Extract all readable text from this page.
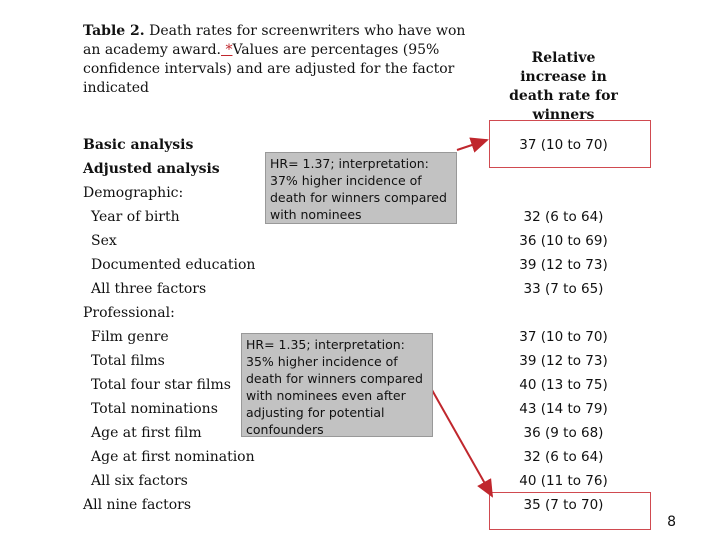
Table 2. Death rates for screenwriters who have won an academy award. *Values are percentages (95% confidence intervals) and are adjusted for the factor indicated
Relative increase in death rate for winners
Basic analysis
Adjusted analysis
Demographic:
Year of birth
Sex
Documented education
All three factors
Professional:
Film genre
Total films
Total four star films
Total nominations
Age at first film
Age at first nomination
All six factors
All nine factors
37 (10 to 70)
32 (6 to 64)
36 (10 to 69)
39 (12 to 73)
33 (7 to 65)
37 (10 to 70)
39 (12 to 73)
40 (13 to 75)
43 (14 to 79)
36 (9 to 68)
32 (6 to 64)
40 (11 to 76)
35 (7 to 70)
HR= 1.37; interpretation: 37% higher incidence of death for winners compared with nominees
HR= 1.35; interpretation: 35% higher incidence of death for winners compared with nominees even after adjusting for potential confounders
8
